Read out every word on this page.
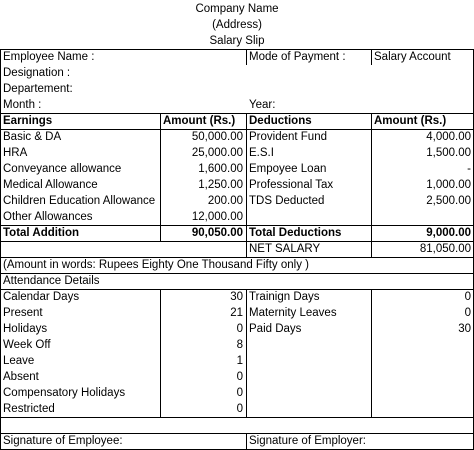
Company Name
(Address)
Salary Slip
Employee Name :	Mode of Payment :	Salary Account
Designation :
Departement:
Month :	Year:
Earnings	Amount (Rs.)	Deductions	Amount (Rs.)
Basic & DA	50,000.00 Provident Fund	4,000.00
HRA	25,000.00 E.S.I	1,500.00
Conveyance allowance	1,600.00 Empoyee Loan	-
Medical Allowance	1,250.00 Professional Tax	1,000.00
Children Education Allowance	200.00 TDS Deducted	2,500.00
Other Allowances	12,000.00
Total Addition	90,050.00 Total Deductions	9,000.00
NET SALARY	81,050.00
(Amount in words: Rupees Eighty One Thousand Fifty only )
Attendance Details
Calendar Days	30 Trainign Days	0
Present	21 Maternity Leaves	0
Holidays	0 Paid Days	30
Week Off	8
Leave	1
Absent	0
Compensatory Holidays	0
Restricted	0
Signature of Employee:	Signature of Employer:
